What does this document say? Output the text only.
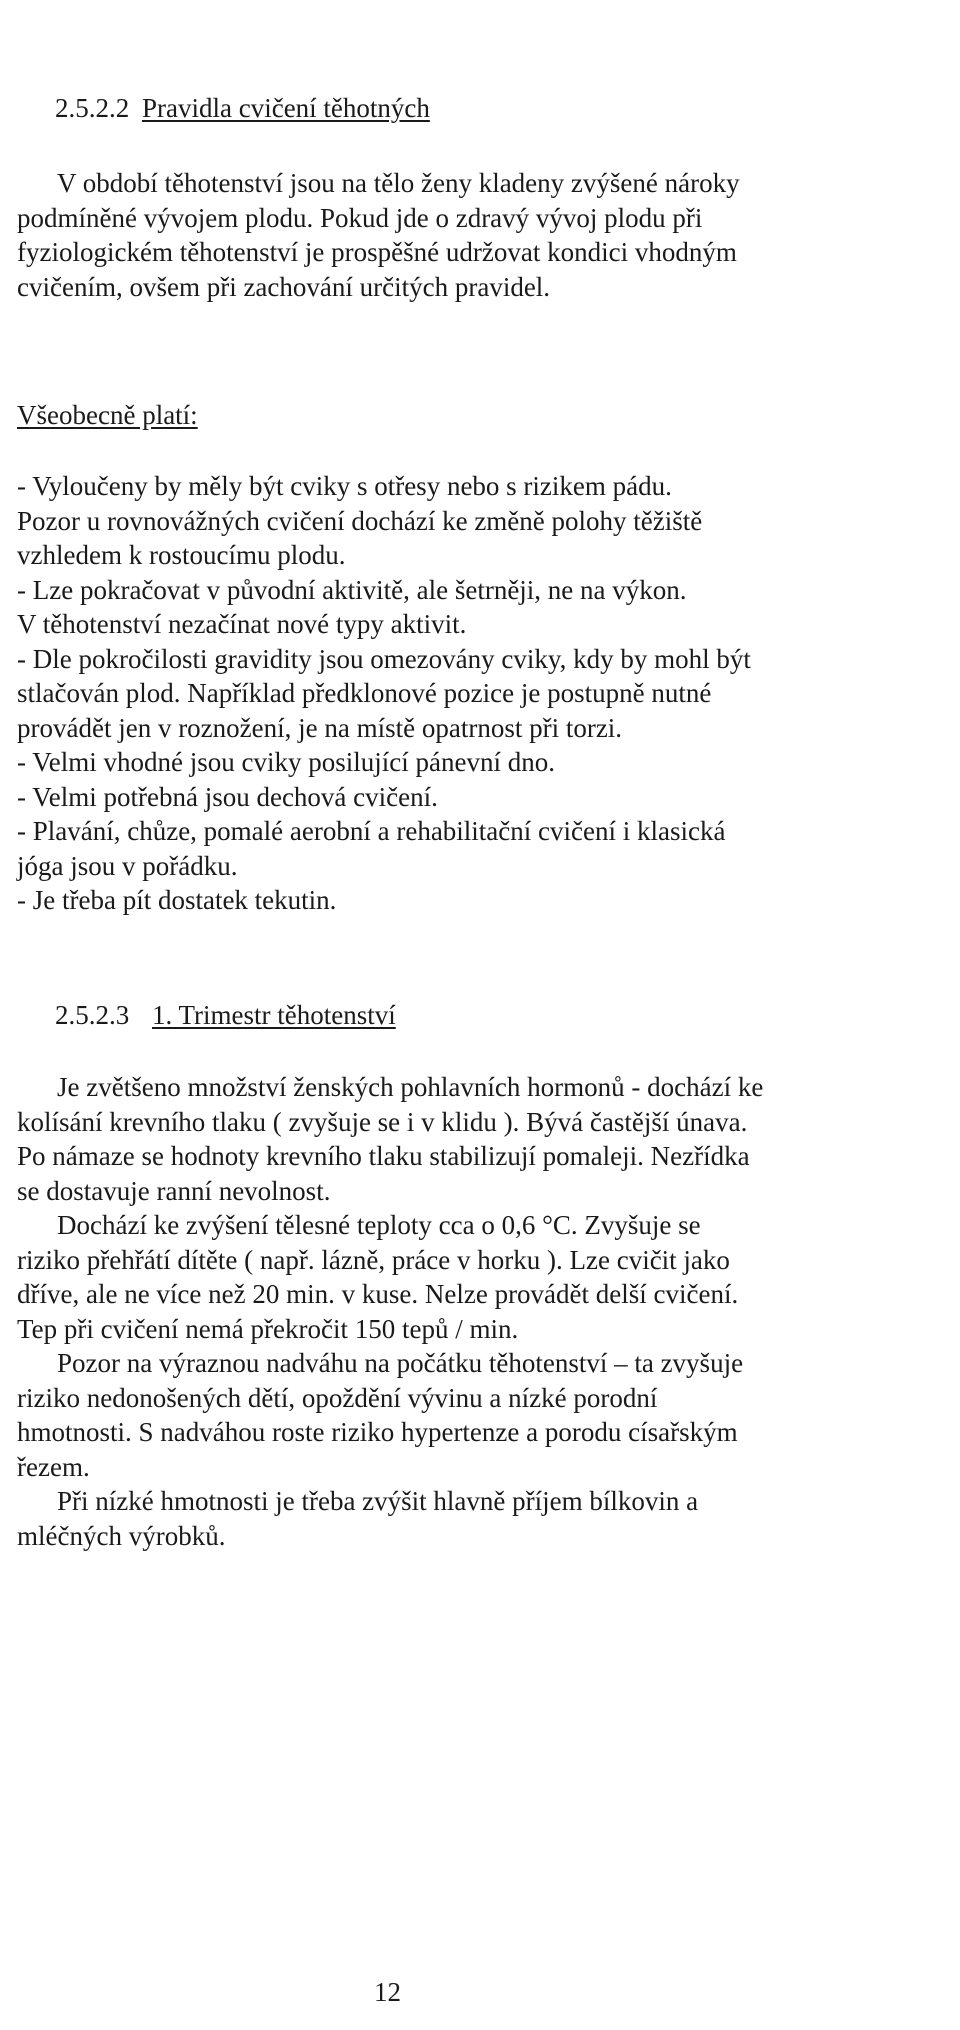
2.5.2.2 Pravidla cvičení těhotných

V období těhotenství jsou na tělo ženy kladeny zvýšené nároky
podmíněné vývojem plodu. Pokud jde o zdravý vývoj plodu při
fyziologickém těhotenství je prospěšné udržovat kondici vhodným
cvičením, ovšem při zachování určitých pravidel.

Všeobecně platí:

- Vyloučeny by měly být cviky s otřesy nebo s rizikem pádu.
Pozor u rovnovážných cvičení dochází ke změně polohy těžiště
vzhledem k rostoucímu plodu.
- Lze pokračovat v původní aktivitě, ale šetrněji, ne na výkon.
V těhotenství nezačínat nové typy aktivit.
- Dle pokročilosti gravidity jsou omezovány cviky, kdy by mohl být
stlačován plod. Například předklonové pozice je postupně nutné
provádět jen v roznožení, je na místě opatrnost při torzi.
- Velmi vhodné jsou cviky posilující pánevní dno.
- Velmi potřebná jsou dechová cvičení.
- Plavání, chůze, pomalé aerobní a rehabilitační cvičení i klasická
jóga jsou v pořádku.
- Je třeba pít dostatek tekutin.

2.5.2.3 1. Trimestr těhotenství

Je zvětšeno množství ženských pohlavních hormonů - dochází ke
kolísání krevního tlaku ( zvyšuje se i v klidu ). Bývá častější únava.
Po námaze se hodnoty krevního tlaku stabilizují pomaleji. Nezřídka
se dostavuje ranní nevolnost.
Dochází ke zvýšení tělesné teploty cca o 0,6 °C. Zvyšuje se
riziko přehřátí dítěte ( např. lázně, práce v horku ). Lze cvičit jako
dříve, ale ne více než 20 min. v kuse. Nelze provádět delší cvičení.
Tep při cvičení nemá překročit 150 tepů / min.
Pozor na výraznou nadváhu na počátku těhotenství – ta zvyšuje
riziko nedonošených dětí, opoždění vývinu a nízké porodní
hmotnosti. S nadváhou roste riziko hypertenze a porodu císařským
řezem.
Při nízké hmotnosti je třeba zvýšit hlavně příjem bílkovin a
mléčných výrobků.

12
